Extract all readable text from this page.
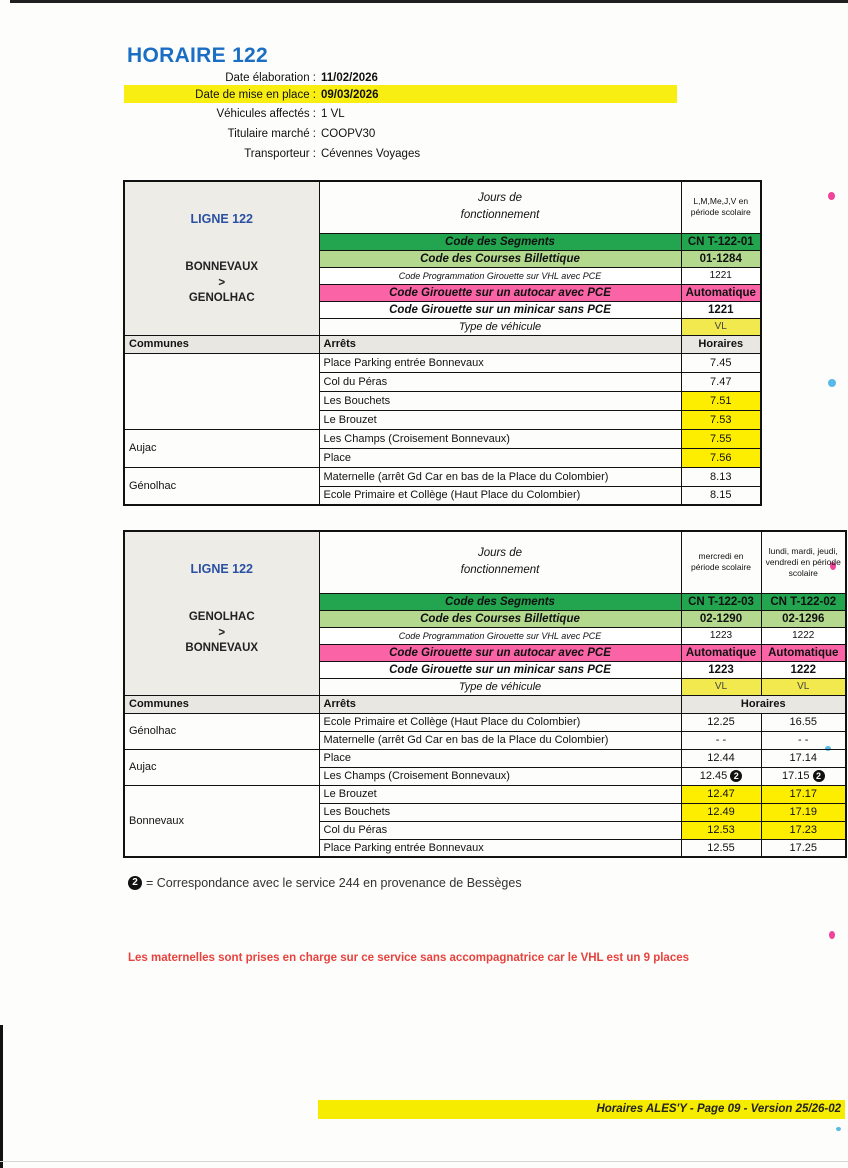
HORAIRE 122
Date élaboration : 11/02/2026
Date de mise en place : 09/03/2026
Véhicules affectés : 1 VL
Titulaire marché : COOPV30
Transporteur : Cévennes Voyages
LIGNE 122
BONNEVAUX
>
GENOLHAC

Jours de
fonctionnement
	L,M,Me,J,V en période scolaire
	Code des Segments	CN T-122-01
	Code des Courses Billettique	01-1284
	Code Programmation Girouette sur VHL avec PCE	1221
	Code Girouette sur un autocar avec PCE	Automatique
	Code Girouette sur un minicar sans PCE	1221
	Type de véhicule	VL
Communes	Arrêts	Horaires
	Place Parking entrée Bonnevaux	7.45
	Col du Péras	7.47
	Les Bouchets	7.51
	Le Brouzet	7.53
Aujac	Les Champs (Croisement Bonnevaux)	7.55
	Place	7.56
Génolhac	Maternelle (arrêt Gd Car en bas de la Place du Colombier)	8.13
	Ecole Primaire et Collège (Haut Place du Colombier)	8.15
LIGNE 122
GENOLHAC
>
BONNEVAUX

Jours de
fonctionnement
	mercredi en période scolaire	lundi, mardi, jeudi, vendredi en période scolaire
	Code des Segments	CN T-122-03	CN T-122-02
	Code des Courses Billettique	02-1290	02-1296
	Code Programmation Girouette sur VHL avec PCE	1223	1222
	Code Girouette sur un autocar avec PCE	Automatique	Automatique
	Code Girouette sur un minicar sans PCE	1223	1222
	Type de véhicule	VL	VL
Communes	Arrêts	Horaires	
Génolhac	Ecole Primaire et Collège (Haut Place du Colombier)	12.25	16.55
	Maternelle (arrêt Gd Car en bas de la Place du Colombier)	- -	- -
Aujac	Place	12.44	17.14
	Les Champs (Croisement Bonnevaux)	12.45 2	17.15 2
Bonnevaux	Le Brouzet	12.47	17.17
	Les Bouchets	12.49	17.19
	Col du Péras	12.53	17.23
	Place Parking entrée Bonnevaux	12.55	17.25
2 = Correspondance avec le service 244 en provenance de Bessèges
Les maternelles sont prises en charge sur ce service sans accompagnatrice car le VHL est un 9 places
Horaires ALES'Y - Page 09 - Version 25/26-02
